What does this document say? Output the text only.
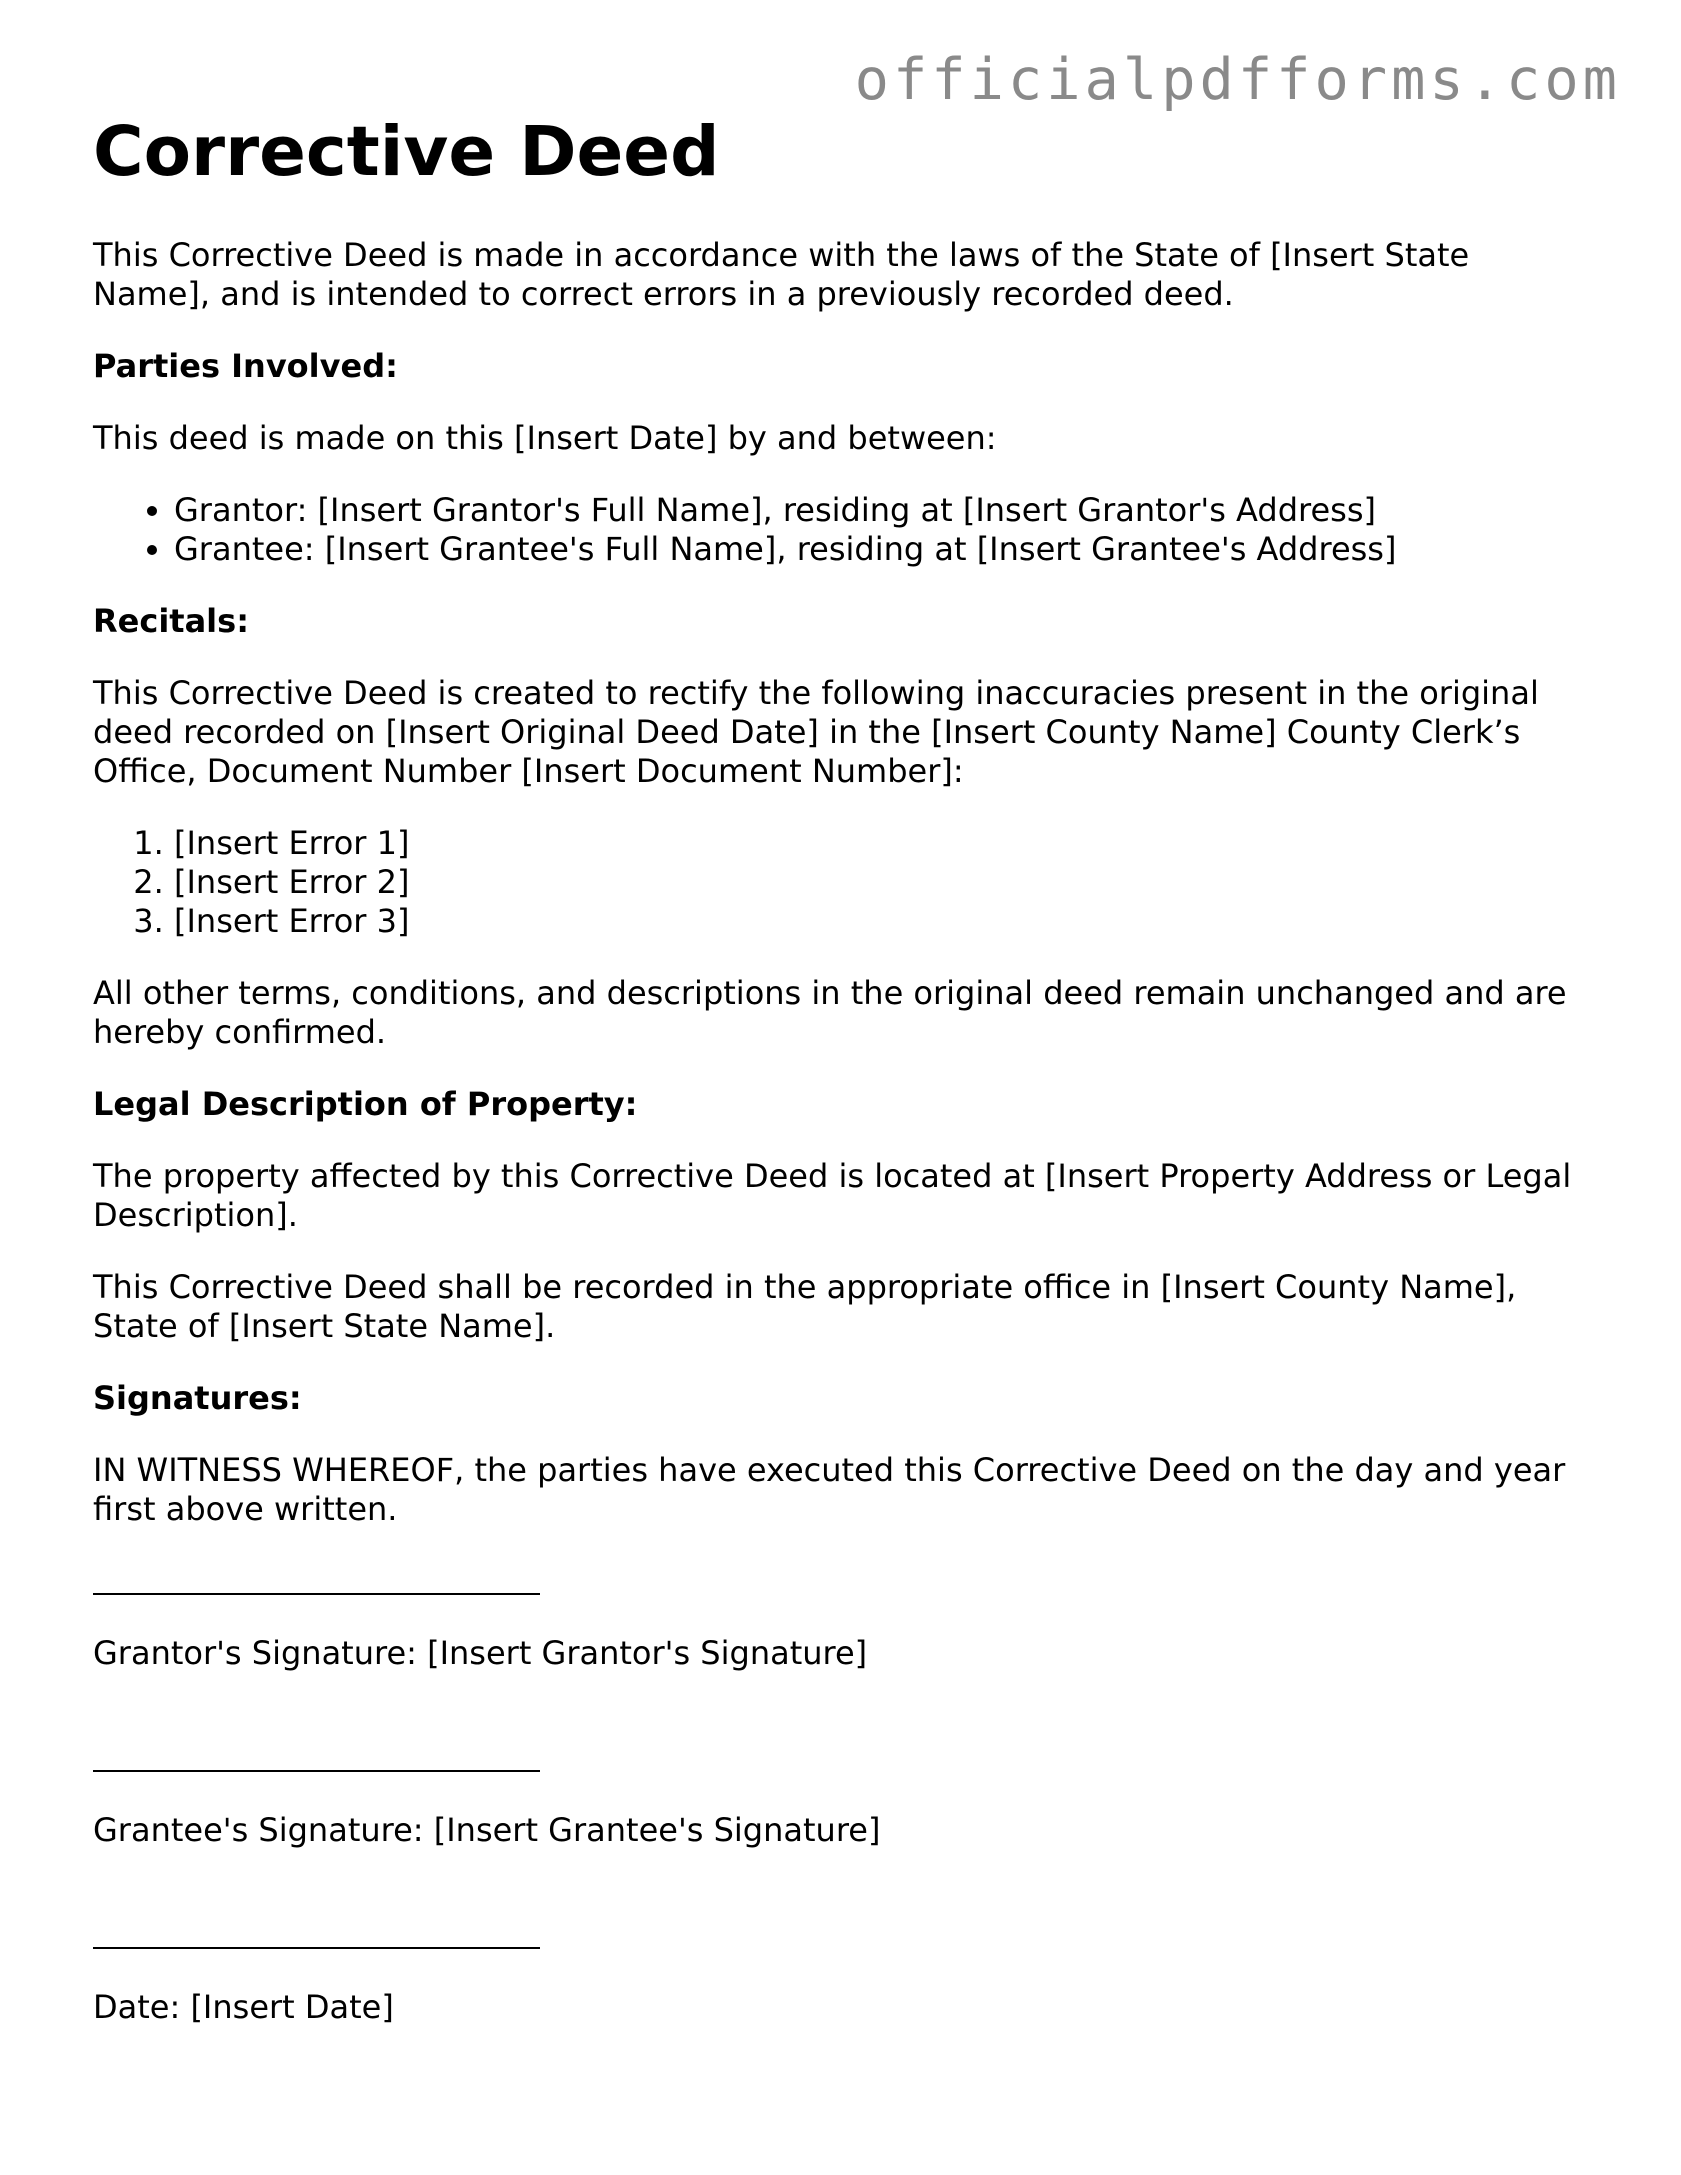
officialpdfforms.com
Corrective Deed

This Corrective Deed is made in accordance with the laws of the State of [Insert State Name], and is intended to correct errors in a previously recorded deed.

Parties Involved:

This deed is made on this [Insert Date] by and between:

• Grantor: [Insert Grantor's Full Name], residing at [Insert Grantor's Address]
• Grantee: [Insert Grantee's Full Name], residing at [Insert Grantee's Address]
Recitals:

This Corrective Deed is created to rectify the following inaccuracies present in the original deed recorded on [Insert Original Deed Date] in the [Insert County Name] County Clerk’s Office, Document Number [Insert Document Number]:

1. [Insert Error 1]
2. [Insert Error 2]
3. [Insert Error 3]

All other terms, conditions, and descriptions in the original deed remain unchanged and are hereby confirmed.

Legal Description of Property:

The property affected by this Corrective Deed is located at [Insert Property Address or Legal Description].

This Corrective Deed shall be recorded in the appropriate office in [Insert County Name], State of [Insert State Name].

Signatures:

IN WITNESS WHEREOF, the parties have executed this Corrective Deed on the day and year first above written.

Grantor's Signature: [Insert Grantor's Signature]

Grantee's Signature: [Insert Grantee's Signature]

Date: [Insert Date]
